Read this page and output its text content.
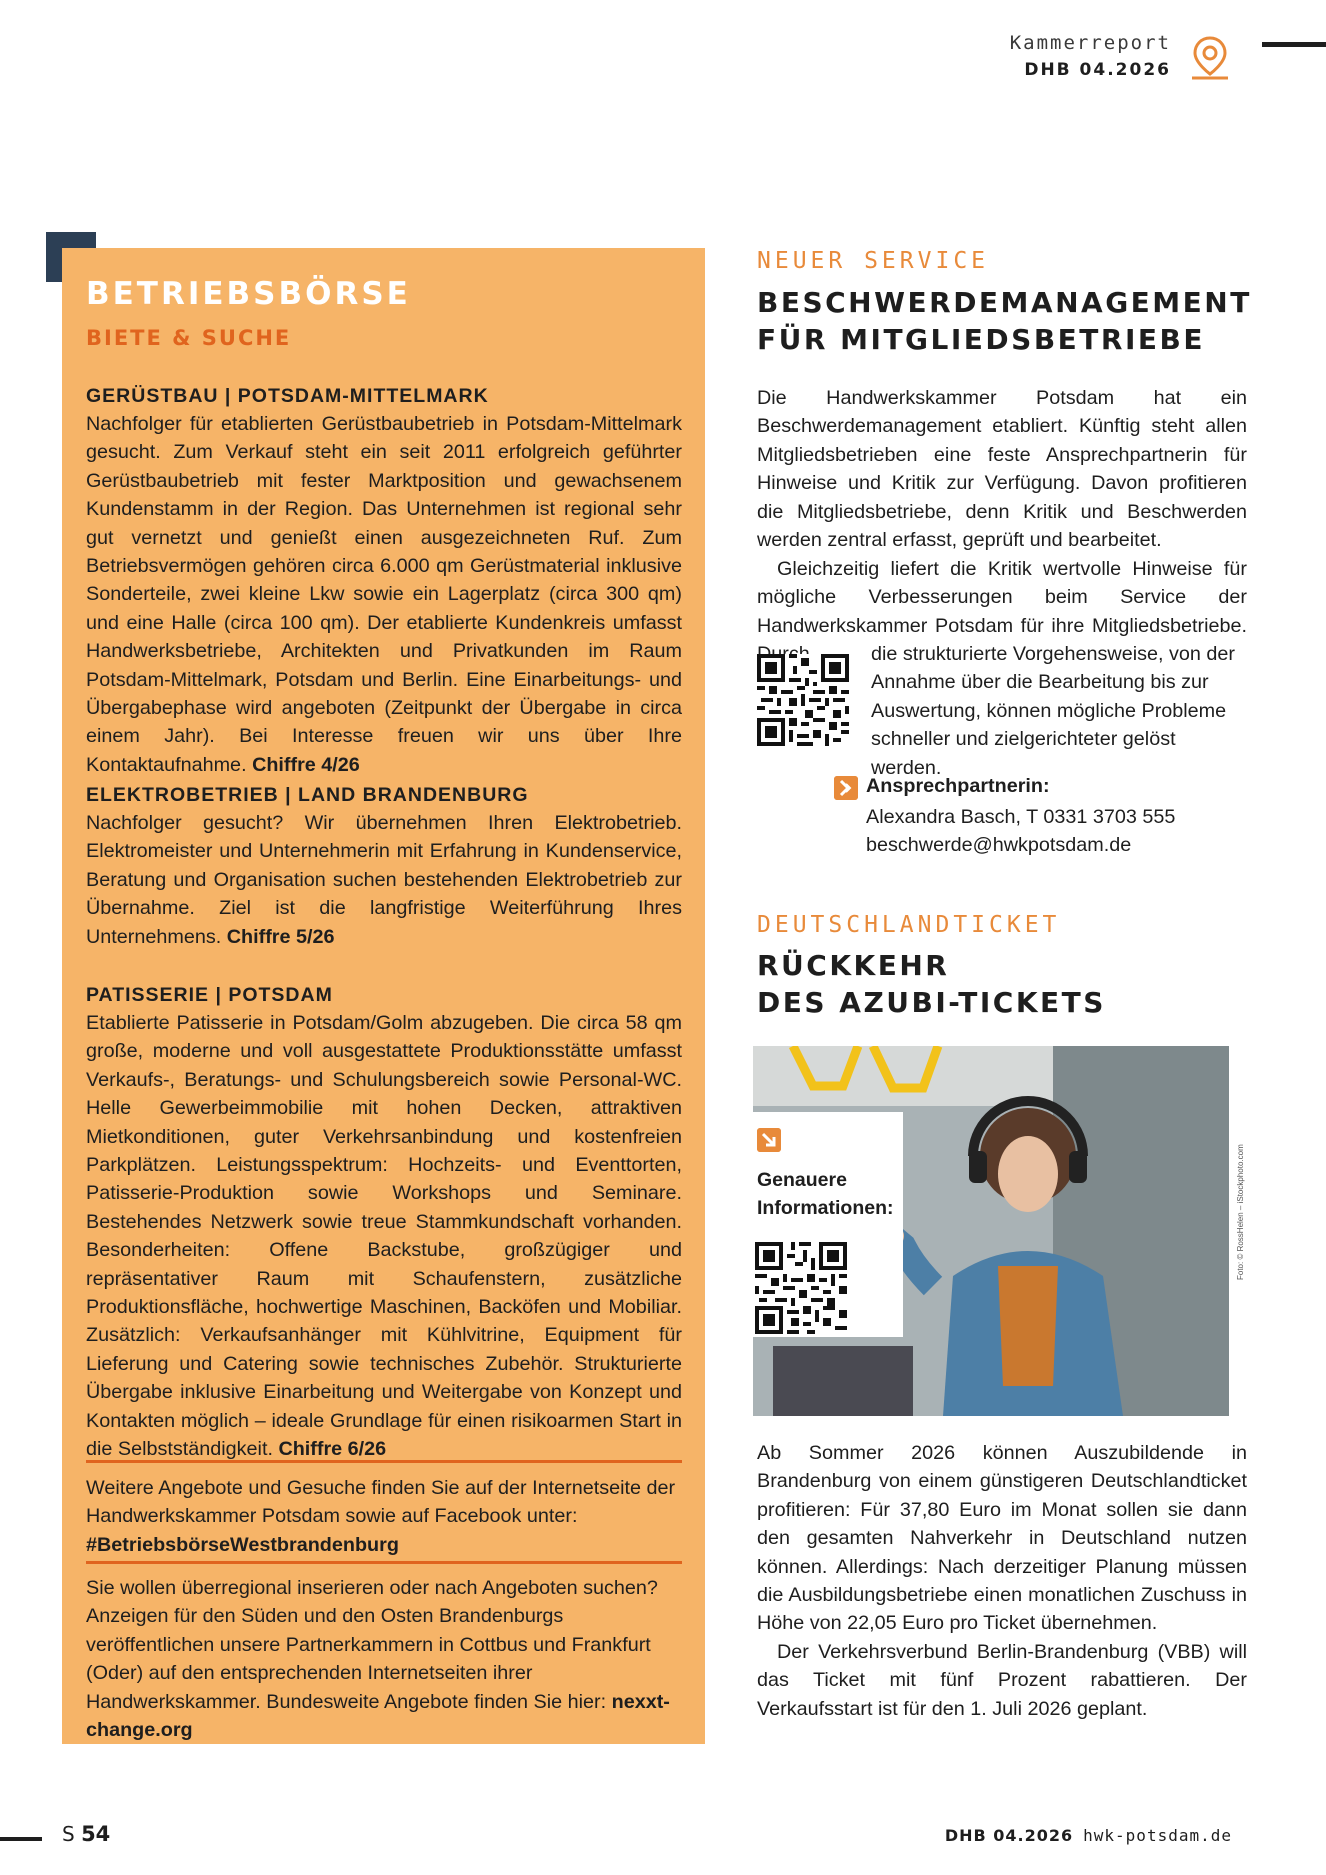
Kammerreport
DHB 04.2026
BETRIEBSBÖRSE
BIETE & SUCHE
GERÜSTBAU | POTSDAM-MITTELMARK
Nachfolger für etablierten Gerüstbaubetrieb in Potsdam-Mittelmark gesucht. Zum Verkauf steht ein seit 2011 erfolgreich geführter Gerüstbaubetrieb mit fester Marktposition und gewachsenem Kundenstamm in der Region. Das Unternehmen ist regional sehr gut vernetzt und genießt einen ausgezeichneten Ruf. Zum Betriebsvermögen gehören circa 6.000 qm Gerüstmaterial inklusive Sonderteile, zwei kleine Lkw sowie ein Lagerplatz (circa 300 qm) und eine Halle (circa 100 qm). Der etablierte Kundenkreis umfasst Handwerksbetriebe, Architekten und Privatkunden im Raum Potsdam-Mittelmark, Potsdam und Berlin. Eine Einarbeitungs- und Übergabephase wird angeboten (Zeitpunkt der Übergabe in circa einem Jahr). Bei Interesse freuen wir uns über Ihre Kontaktaufnahme. Chiffre 4/26
ELEKTROBETRIEB | LAND BRANDENBURG
Nachfolger gesucht? Wir übernehmen Ihren Elektrobetrieb. Elektromeister und Unternehmerin mit Erfahrung in Kundenservice, Beratung und Organisation suchen bestehenden Elektrobetrieb zur Übernahme. Ziel ist die langfristige Weiterführung Ihres Unternehmens. Chiffre 5/26
PATISSERIE | POTSDAM
Etablierte Patisserie in Potsdam/Golm abzugeben. Die circa 58 qm große, moderne und voll ausgestattete Produktionsstätte umfasst Verkaufs-, Beratungs- und Schulungsbereich sowie Personal-WC. Helle Gewerbeimmobilie mit hohen Decken, attraktiven Mietkonditionen, guter Verkehrsanbindung und kostenfreien Parkplätzen. Leistungsspektrum: Hochzeits- und Eventtorten, Patisserie-Produktion sowie Workshops und Seminare. Bestehendes Netzwerk sowie treue Stammkundschaft vorhanden. Besonderheiten: Offene Backstube, großzügiger und repräsentativer Raum mit Schaufenstern, zusätzliche Produktionsfläche, hochwertige Maschinen, Backöfen und Mobiliar. Zusätzlich: Verkaufsanhänger mit Kühlvitrine, Equipment für Lieferung und Catering sowie technisches Zubehör. Strukturierte Übergabe inklusive Einarbeitung und Weitergabe von Konzept und Kontakten möglich – ideale Grundlage für einen risikoarmen Start in die Selbstständigkeit. Chiffre 6/26
Weitere Angebote und Gesuche finden Sie auf der Internetseite der Handwerkskammer Potsdam sowie auf Facebook unter:
#BetriebsbörseWestbrandenburg
Sie wollen überregional inserieren oder nach Angeboten suchen? Anzeigen für den Süden und den Osten Brandenburgs veröffentlichen unsere Partnerkammern in Cottbus und Frankfurt (Oder) auf den entsprechenden Internetseiten ihrer Handwerkskammer. Bundesweite Angebote finden Sie hier: nexxt-change.org
NEUER SERVICE
BESCHWERDEMANAGEMENT
FÜR MITGLIEDSBETRIEBE
Die Handwerkskammer Potsdam hat ein Beschwerdemanagement etabliert. Künftig steht allen Mitgliedsbetrieben eine feste Ansprechpartnerin für Hinweise und Kritik zur Verfügung. Davon profitieren die Mitgliedsbetriebe, denn Kritik und Beschwerden werden zentral erfasst, geprüft und bearbeitet.
Gleichzeitig liefert die Kritik wertvolle Hinweise für mögliche Verbesserungen beim Service der Handwerkskammer Potsdam für ihre Mitgliedsbetriebe.
die strukturierte Vorgehensweise, von der Annahme über die Bearbeitung bis zur Auswertung, können mögliche Probleme schneller und zielgerichteter gelöst werden.
Ansprechpartnerin:
Alexandra Basch, T 0331 3703 555
beschwerde@hwkpotsdam.de
DEUTSCHLANDTICKET
RÜCKKEHR
DES AZUBI-TICKETS
Genauere Informationen:	Foto: © RossHelen – iStockphoto.com
Ab Sommer 2026 können Auszubildende in Brandenburg von einem günstigeren Deutschlandticket profitieren: Für 37,80 Euro im Monat sollen sie dann den gesamten Nahverkehr in Deutschland nutzen können. Allerdings: Nach derzeitiger Planung müssen die Ausbildungsbetriebe einen monatlichen Zuschuss in Höhe von 22,05 Euro pro Ticket übernehmen.
Der Verkehrsverbund Berlin-Brandenburg (VBB) will das Ticket mit fünf Prozent rabattieren. Der Verkaufsstart ist für den 1. Juli 2026 geplant.
S 54	DHB 04.2026 hwk-potsdam.de
